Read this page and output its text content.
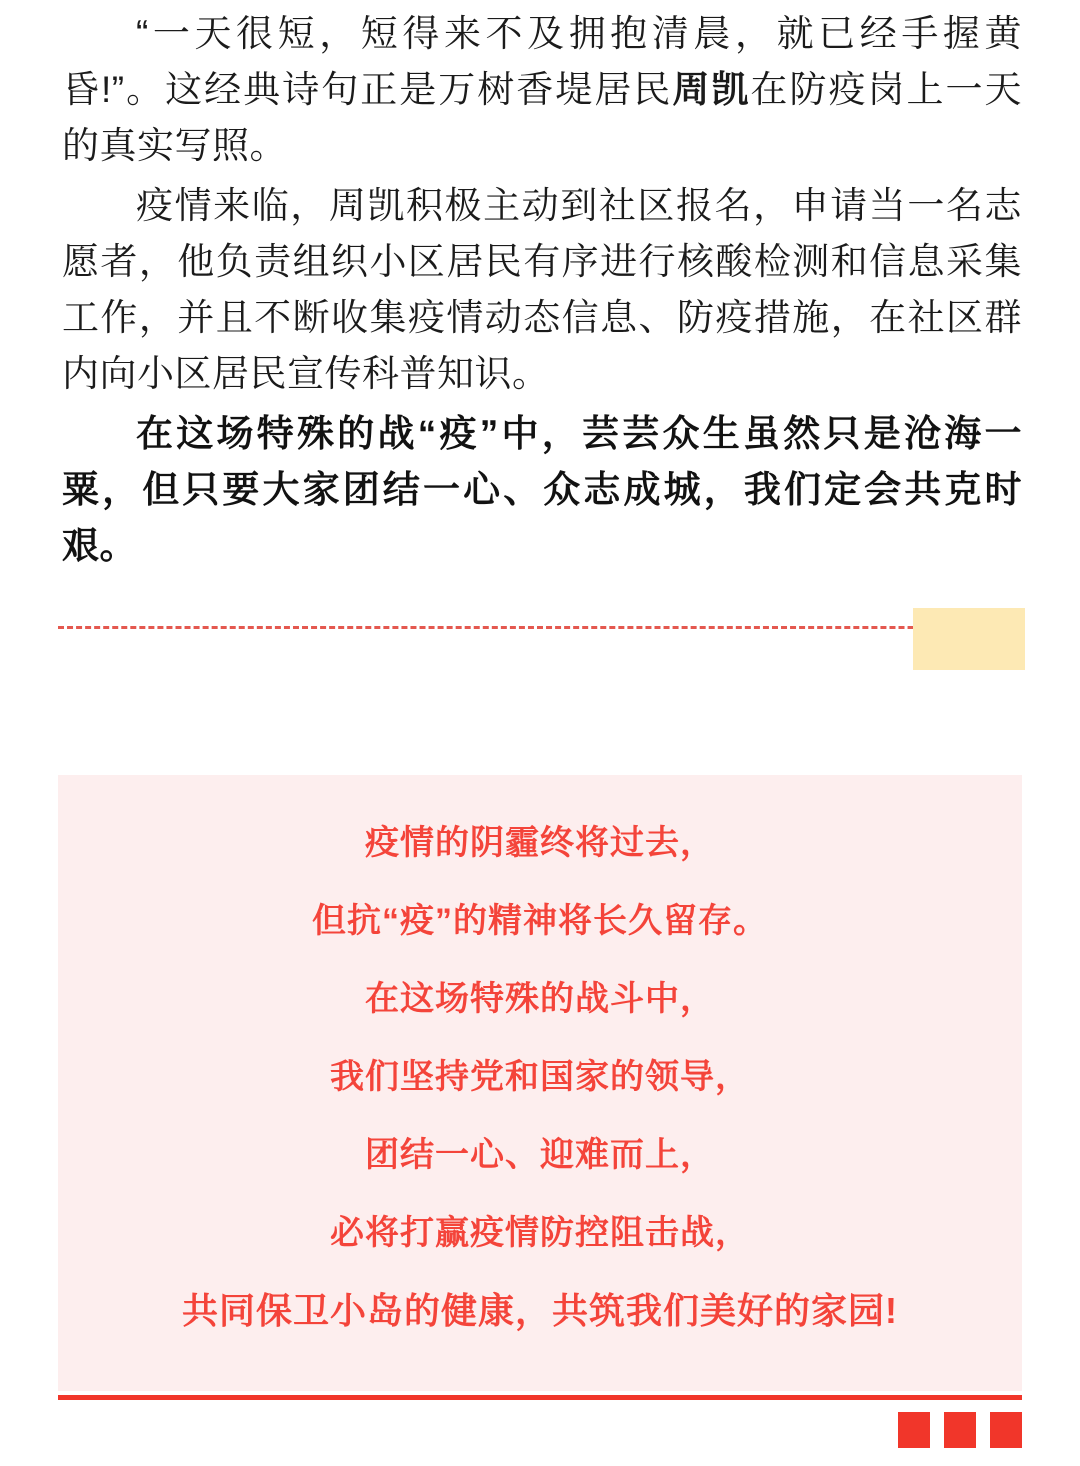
“一天很短，短得来不及拥抱清晨，就已经手握黄昏!”。这经典诗句正是万树香堤居民周凯在防疫岗上一天的真实写照。

疫情来临，周凯积极主动到社区报名，申请当一名志愿者，他负责组织小区居民有序进行核酸检测和信息采集工作，并且不断收集疫情动态信息、防疫措施，在社区群内向小区居民宣传科普知识。

在这场特殊的战“疫”中，芸芸众生虽然只是沧海一粟，但只要大家团结一心、众志成城，我们定会共克时艰。

疫情的阴霾终将过去，
但抗“疫”的精神将长久留存。
在这场特殊的战斗中，
我们坚持党和国家的领导，
团结一心、迎难而上，
必将打赢疫情防控阻击战，
共同保卫小岛的健康，共筑我们美好的家园!
